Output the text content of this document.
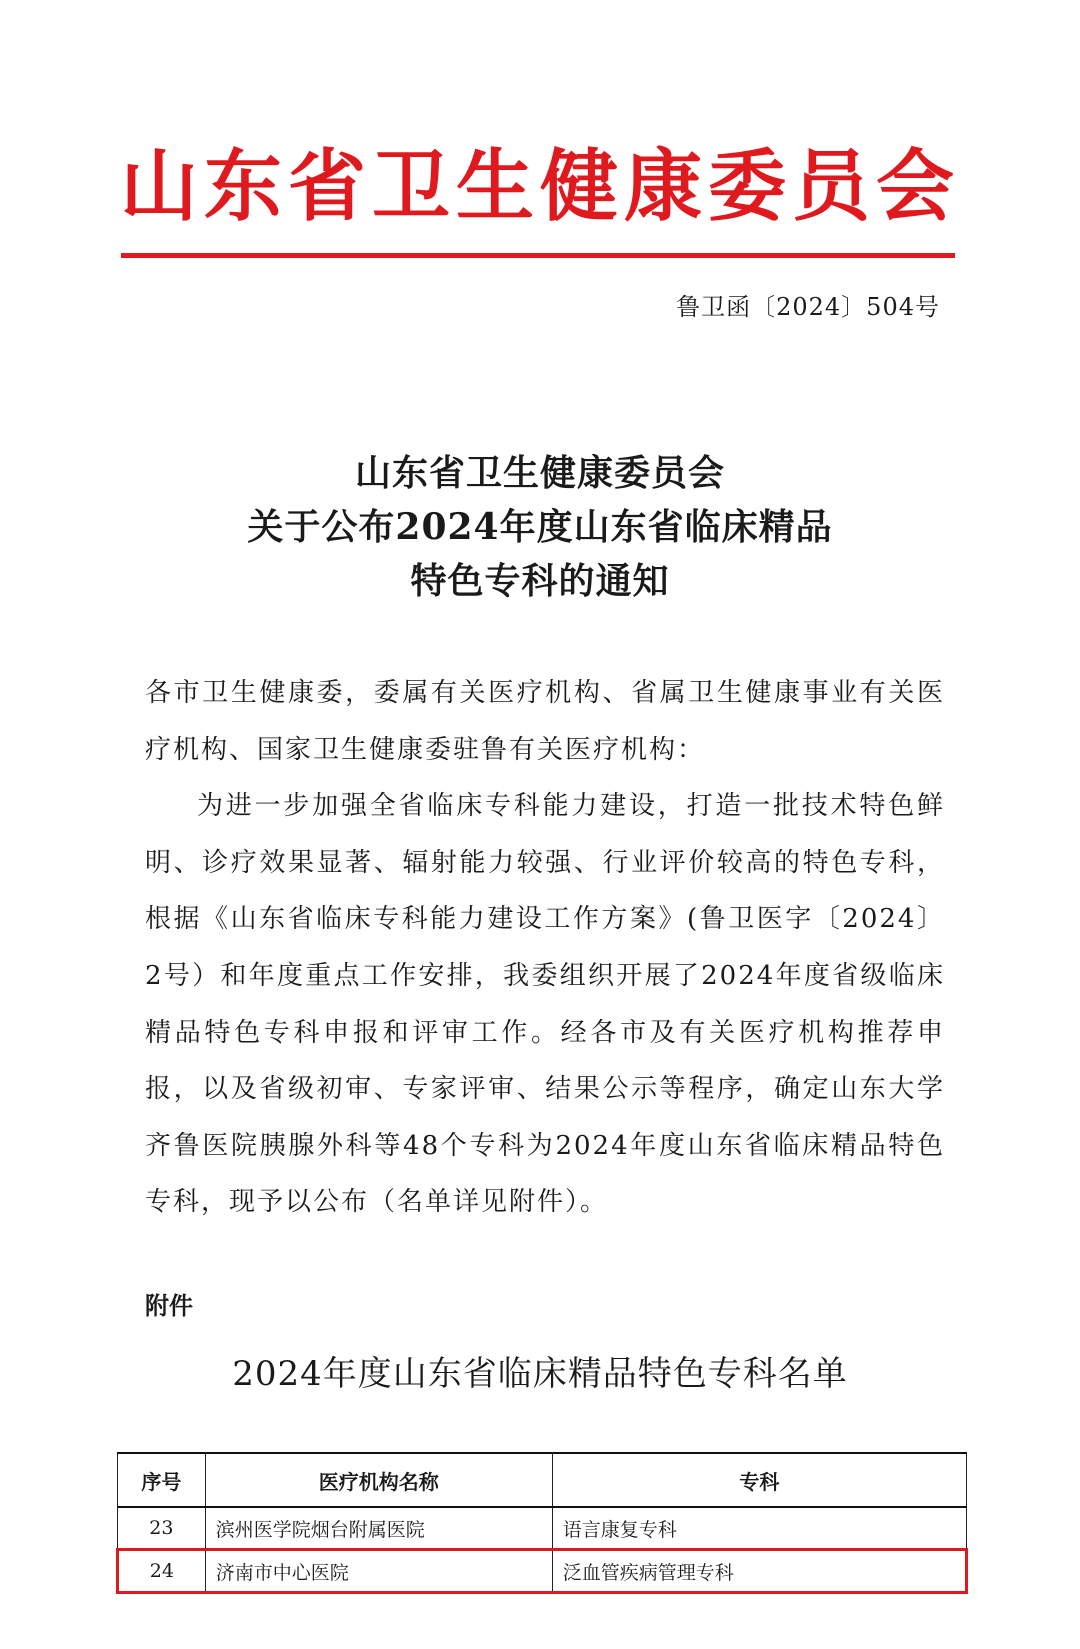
山东省卫生健康委员会
鲁卫函〔2024〕504号
山东省卫生健康委员会
关于公布2024年度山东省临床精品
特色专科的通知

各市卫生健康委，委属有关医疗机构、省属卫生健康事业有关医疗机构、国家卫生健康委驻鲁有关医疗机构：

为进一步加强全省临床专科能力建设，打造一批技术特色鲜明、诊疗效果显著、辐射能力较强、行业评价较高的特色专科，根据《山东省临床专科能力建设工作方案》(鲁卫医字〔2024〕2号）和年度重点工作安排，我委组织开展了2024年度省级临床精品特色专科申报和评审工作。经各市及有关医疗机构推荐申报，以及省级初审、专家评审、结果公示等程序，确定山东大学齐鲁医院胰腺外科等48个专科为2024年度山东省临床精品特色专科，现予以公布（名单详见附件）。

附件
2024年度山东省临床精品特色专科名单
序号	医疗机构名称	专科
23	滨州医学院烟台附属医院	语言康复专科
24	济南市中心医院	泛血管疾病管理专科
